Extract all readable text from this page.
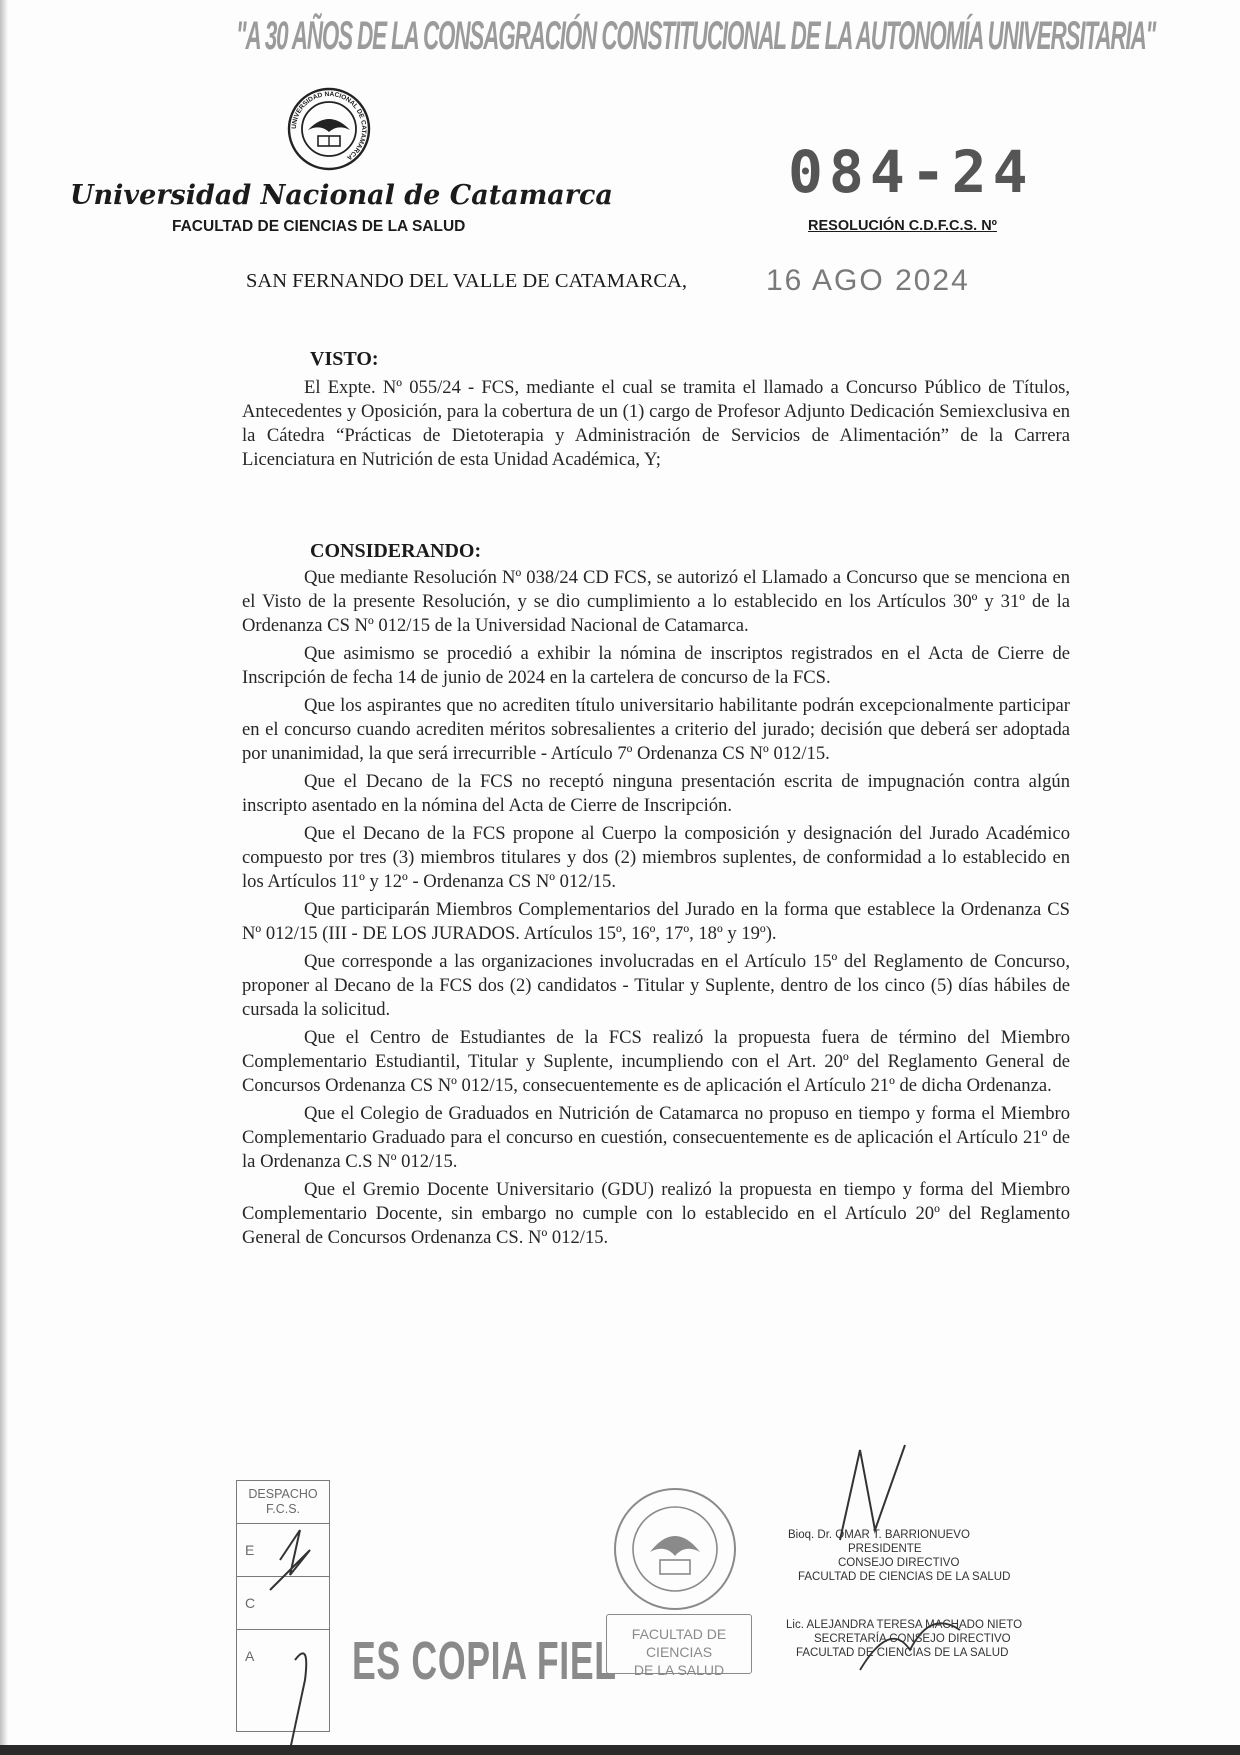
"A 30 AÑOS DE LA CONSAGRACIÓN CONSTITUCIONAL DE LA AUTONOMÍA UNIVERSITARIA"
UNIVERSIDAD NACIONAL DE CATAMARCA
Universidad Nacional de Catamarca
FACULTAD DE CIENCIAS DE LA SALUD
084-24
RESOLUCIÓN C.D.F.C.S. Nº
SAN FERNANDO DEL VALLE DE CATAMARCA,	16 AGO 2024
VISTO:

El Expte. Nº 055/24 - FCS, mediante el cual se tramita el llamado a Concurso Público de Títulos, Antecedentes y Oposición, para la cobertura de un (1) cargo de Profesor Adjunto Dedicación Semiexclusiva en la Cátedra “Prácticas de Dietoterapia y Administración de Servicios de Alimentación” de la Carrera Licenciatura en Nutrición de esta Unidad Académica, Y;

CONSIDERANDO:

Que mediante Resolución Nº 038/24 CD FCS, se autorizó el Llamado a Concurso que se menciona en el Visto de la presente Resolución, y se dio cumplimiento a lo establecido en los Artículos 30º y 31º de la Ordenanza CS Nº 012/15 de la Universidad Nacional de Catamarca.

Que asimismo se procedió a exhibir la nómina de inscriptos registrados en el Acta de Cierre de Inscripción de fecha 14 de junio de 2024 en la cartelera de concurso de la FCS.

Que los aspirantes que no acrediten título universitario habilitante podrán excepcionalmente participar en el concurso cuando acrediten méritos sobresalientes a criterio del jurado; decisión que deberá ser adoptada por unanimidad, la que será irrecurrible - Artículo 7º Ordenanza CS Nº 012/15.

Que el Decano de la FCS no receptó ninguna presentación escrita de impugnación contra algún inscripto asentado en la nómina del Acta de Cierre de Inscripción.

Que el Decano de la FCS propone al Cuerpo la composición y designación del Jurado Académico compuesto por tres (3) miembros titulares y dos (2) miembros suplentes, de conformidad a lo establecido en los Artículos 11º y 12º - Ordenanza CS Nº 012/15.

Que participarán Miembros Complementarios del Jurado en la forma que establece la Ordenanza CS Nº 012/15 (III - DE LOS JURADOS. Artículos 15º, 16º, 17º, 18º y 19º).

Que corresponde a las organizaciones involucradas en el Artículo 15º del Reglamento de Concurso, proponer al Decano de la FCS dos (2) candidatos - Titular y Suplente, dentro de los cinco (5) días hábiles de cursada la solicitud.

Que el Centro de Estudiantes de la FCS realizó la propuesta fuera de término del Miembro Complementario Estudiantil, Titular y Suplente, incumpliendo con el Art. 20º del Reglamento General de Concursos Ordenanza CS Nº 012/15, consecuentemente es de aplicación el Artículo 21º de dicha Ordenanza.

Que el Colegio de Graduados en Nutrición de Catamarca no propuso en tiempo y forma el Miembro Complementario Graduado para el concurso en cuestión, consecuentemente es de aplicación el Artículo 21º de la Ordenanza C.S Nº 012/15.

Que el Gremio Docente Universitario (GDU) realizó la propuesta en tiempo y forma del Miembro Complementario Docente, sin embargo no cumple con lo establecido en el Artículo 20º del Reglamento General de Concursos Ordenanza CS. Nº 012/15.

DESPACHO
F.C.S.
E
C
A	ES COPIA FIEL	FACULTAD DE CIENCIAS
DE LA SALUD
Bioq. Dr. OMAR T. BARRIONUEVO
PRESIDENTE
CONSEJO DIRECTIVO
FACULTAD DE CIENCIAS DE LA SALUD
Lic. ALEJANDRA TERESA MACHADO NIETO
SECRETARÍA CONSEJO DIRECTIVO
FACULTAD DE CIENCIAS DE LA SALUD
